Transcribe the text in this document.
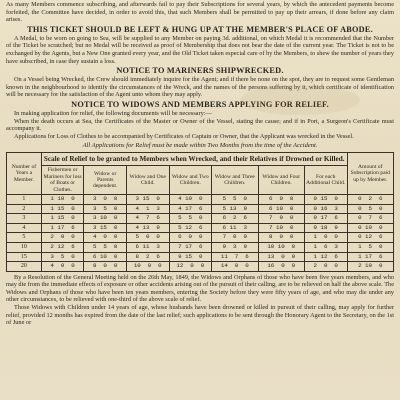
As many Members commence subscribing, and afterwards fail to pay their Subscriptions for several years, by which the antecedent payments become forfeited, the Committee have decided, in order to avoid this, that such Members shall be permitted to pay up their arrears, if done before any claim arises.

THIS TICKET SHOULD BE LEFT & HUNG UP AT THE MEMBER'S PLACE OF ABODE.

A Medal, to be worn on going to Sea, will be supplied to any Member on paying 3d. additional, on which Medal it is recommended that the Number of the Ticket be scratched; but no Medal will be received as proof of Membership that does not bear the date of the current year. The Ticket is not to be exchanged by the Agents, but a New One granted every year, and the Old Ticket taken especial care of by the Members, to shew the number of years they have subscribed, in case they sustain a loss.

NOTICE TO MARINERS SHIPWRECKED.

On a Vessel being Wrecked, the Crew should immediately inquire for the Agent; and if there be none on the spot, they are to request some Gentleman known in the neighbourhood to identify the circumstances of the Wreck, and the names of the persons suffering by it, which certificate of identification will be necessary for the satisfaction of the Agent unto whom they may apply.

NOTICE TO WIDOWS AND MEMBERS APPLYING FOR RELIEF.

In making application for relief, the following documents will be necessary:—

When the death occurs at Sea, the Certificates of the Master or Owner of the Vessel, stating the cause; and if in Port, a Surgeon's Certificate must accompany it.

Applications for Loss of Clothes to be accompanied by Certificates of Captain or Owner, that the Applicant was wrecked in the Vessel.

All Applications for Relief must be made within Two Months from the time of the Accident.

Number of Years a Member.	Scale of Relief to be granted to Members when Wrecked, and their Relatives if Drowned or Killed.							Amount of Subscription paid up by Member.
	Fishermen or Mariners for loss of Boats or Clothes.	Widow or Parents dependent.	Widow and One Child.	Widow and Two Children.	Widow and Three Children.	Widow and Four Children.	For each Additional Child.	
1	1 10  0	3  0  0	3 15  0	4 10  0	5  5  0	6  0  0	0 15  0	0  2  6
2	1 15  0	3  5  0	4  1  3	4 17  6	5 13  9	6 10  0	0 16  3	0  5  0
3	1 15  0	3 10  0	4  7  6	5  5  0	6  2  6	7  0  0	0 17  6	0  7  6
4	1 17  6	3 15  0	4 13  9	5 12  6	6 11  3	7 10  0	0 18  9	0 10  0
5	2  0  0	4  0  0	5  0  0	6  0  0	7  0  0	8  0  0	1  0  0	0 12  6
10	2 12  6	5  5  0	6 11  3	7 17  6	9  3  9	10 10  0	1  6  3	1  5  0
15	3  5  0	6 10  0	8  2  6	9 15  0	11  7  6	13  0  0	1 12  6	1 17  6
20	4  0  0	8  0  0	10  0  0	12  0  0	14  0  0	16  0  0	2  0  0	2 10  0

By a Resolution of the General Meeting held on the 26th May, 1849, the Widows and Orphans of those who have been five years members, and who may die from the immediate effects of exposure or other accidents arising out of the pursuit of their calling, are to be relieved on half the above scale. The Widows and Orphans of those who have been ten years members, entering the Society before they were fifty years of age, and who may die under any other circumstances, to be relieved with one-third of the above scale of relief.

Those Widows with Children under 14 years of age, whose husbands have been drowned or killed in pursuit of their calling, may apply for further relief, provided 12 months has expired from the date of the last relief; such applications to be sent through the Honorary Agent to the Secretary, on the 1st of June or
